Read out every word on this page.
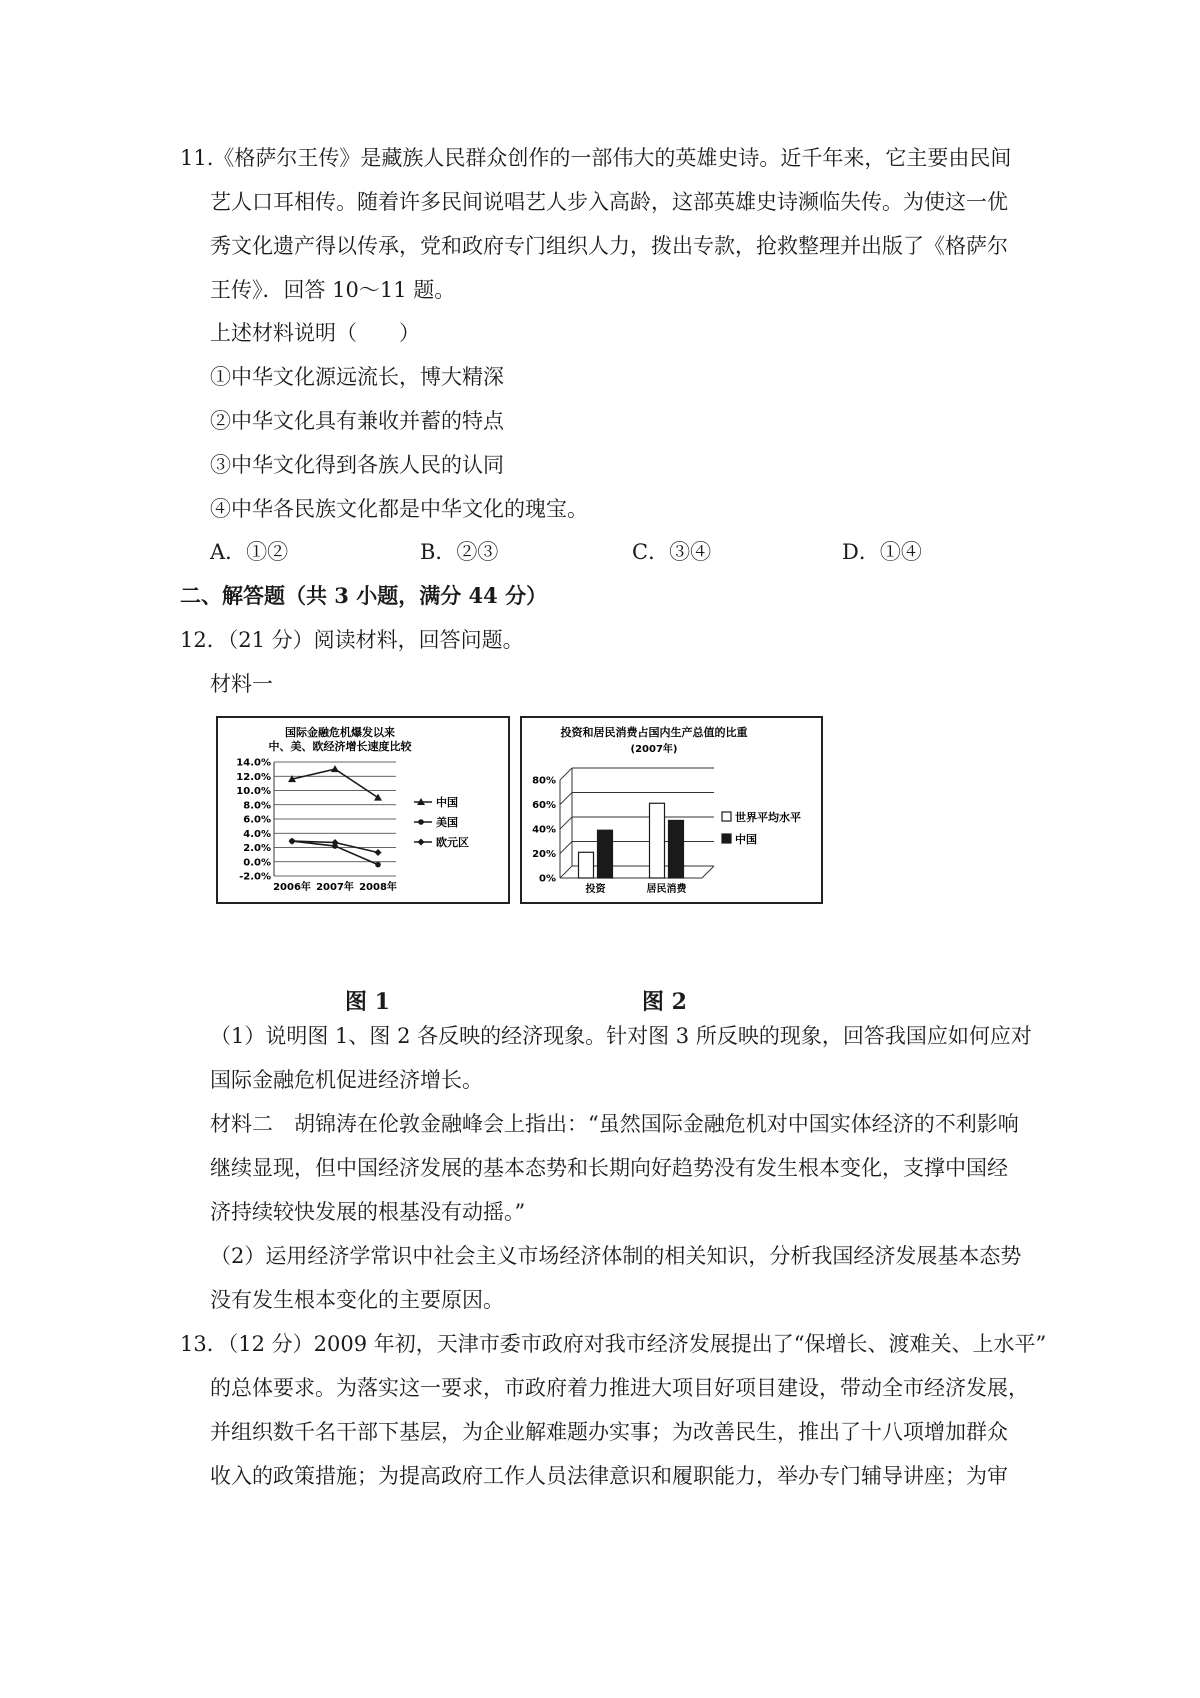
11.《格萨尔王传》是藏族人民群众创作的一部伟大的英雄史诗。近千年来，它主要由民间
艺人口耳相传。随着许多民间说唱艺人步入高龄，这部英雄史诗濒临失传。为使这一优
秀文化遗产得以传承，党和政府专门组织人力，拨出专款，抢救整理并出版了《格萨尔
王传》．回答 10～11 题。
上述材料说明（　　）
①中华文化源远流长，博大精深
②中华文化具有兼收并蓄的特点
③中华文化得到各族人民的认同
④中华各民族文化都是中华文化的瑰宝。
A．①②	B．②③	C．③④	D．①④
二、解答题（共 3 小题，满分 44 分）
12．（21 分）阅读材料，回答问题。
材料一
国际金融危机爆发以来
中、美、欧经济增长速度比较
14.0%
12.0%
10.0%
8.0%
6.0%
4.0%
2.0%
0.0%
-2.0%
2006年 2007年 2008年
中国
美国
欧元区
投资和居民消费占国内生产总值的比重
(2007年)
80%
60%
40%
20%
0%
投资	居民消费
世界平均水平
中国
图 1	图 2
（1）说明图 1、图 2 各反映的经济现象。针对图 3 所反映的现象，回答我国应如何应对
国际金融危机促进经济增长。
材料二　胡锦涛在伦敦金融峰会上指出：“虽然国际金融危机对中国实体经济的不利影响
继续显现，但中国经济发展的基本态势和长期向好趋势没有发生根本变化，支撑中国经
济持续较快发展的根基没有动摇。”
（2）运用经济学常识中社会主义市场经济体制的相关知识，分析我国经济发展基本态势
没有发生根本变化的主要原因。
13．（12 分）2009 年初，天津市委市政府对我市经济发展提出了“保增长、渡难关、上水平”
的总体要求。为落实这一要求，市政府着力推进大项目好项目建设，带动全市经济发展，
并组织数千名干部下基层，为企业解难题办实事；为改善民生，推出了十八项增加群众
收入的政策措施；为提高政府工作人员法律意识和履职能力，举办专门辅导讲座；为审
